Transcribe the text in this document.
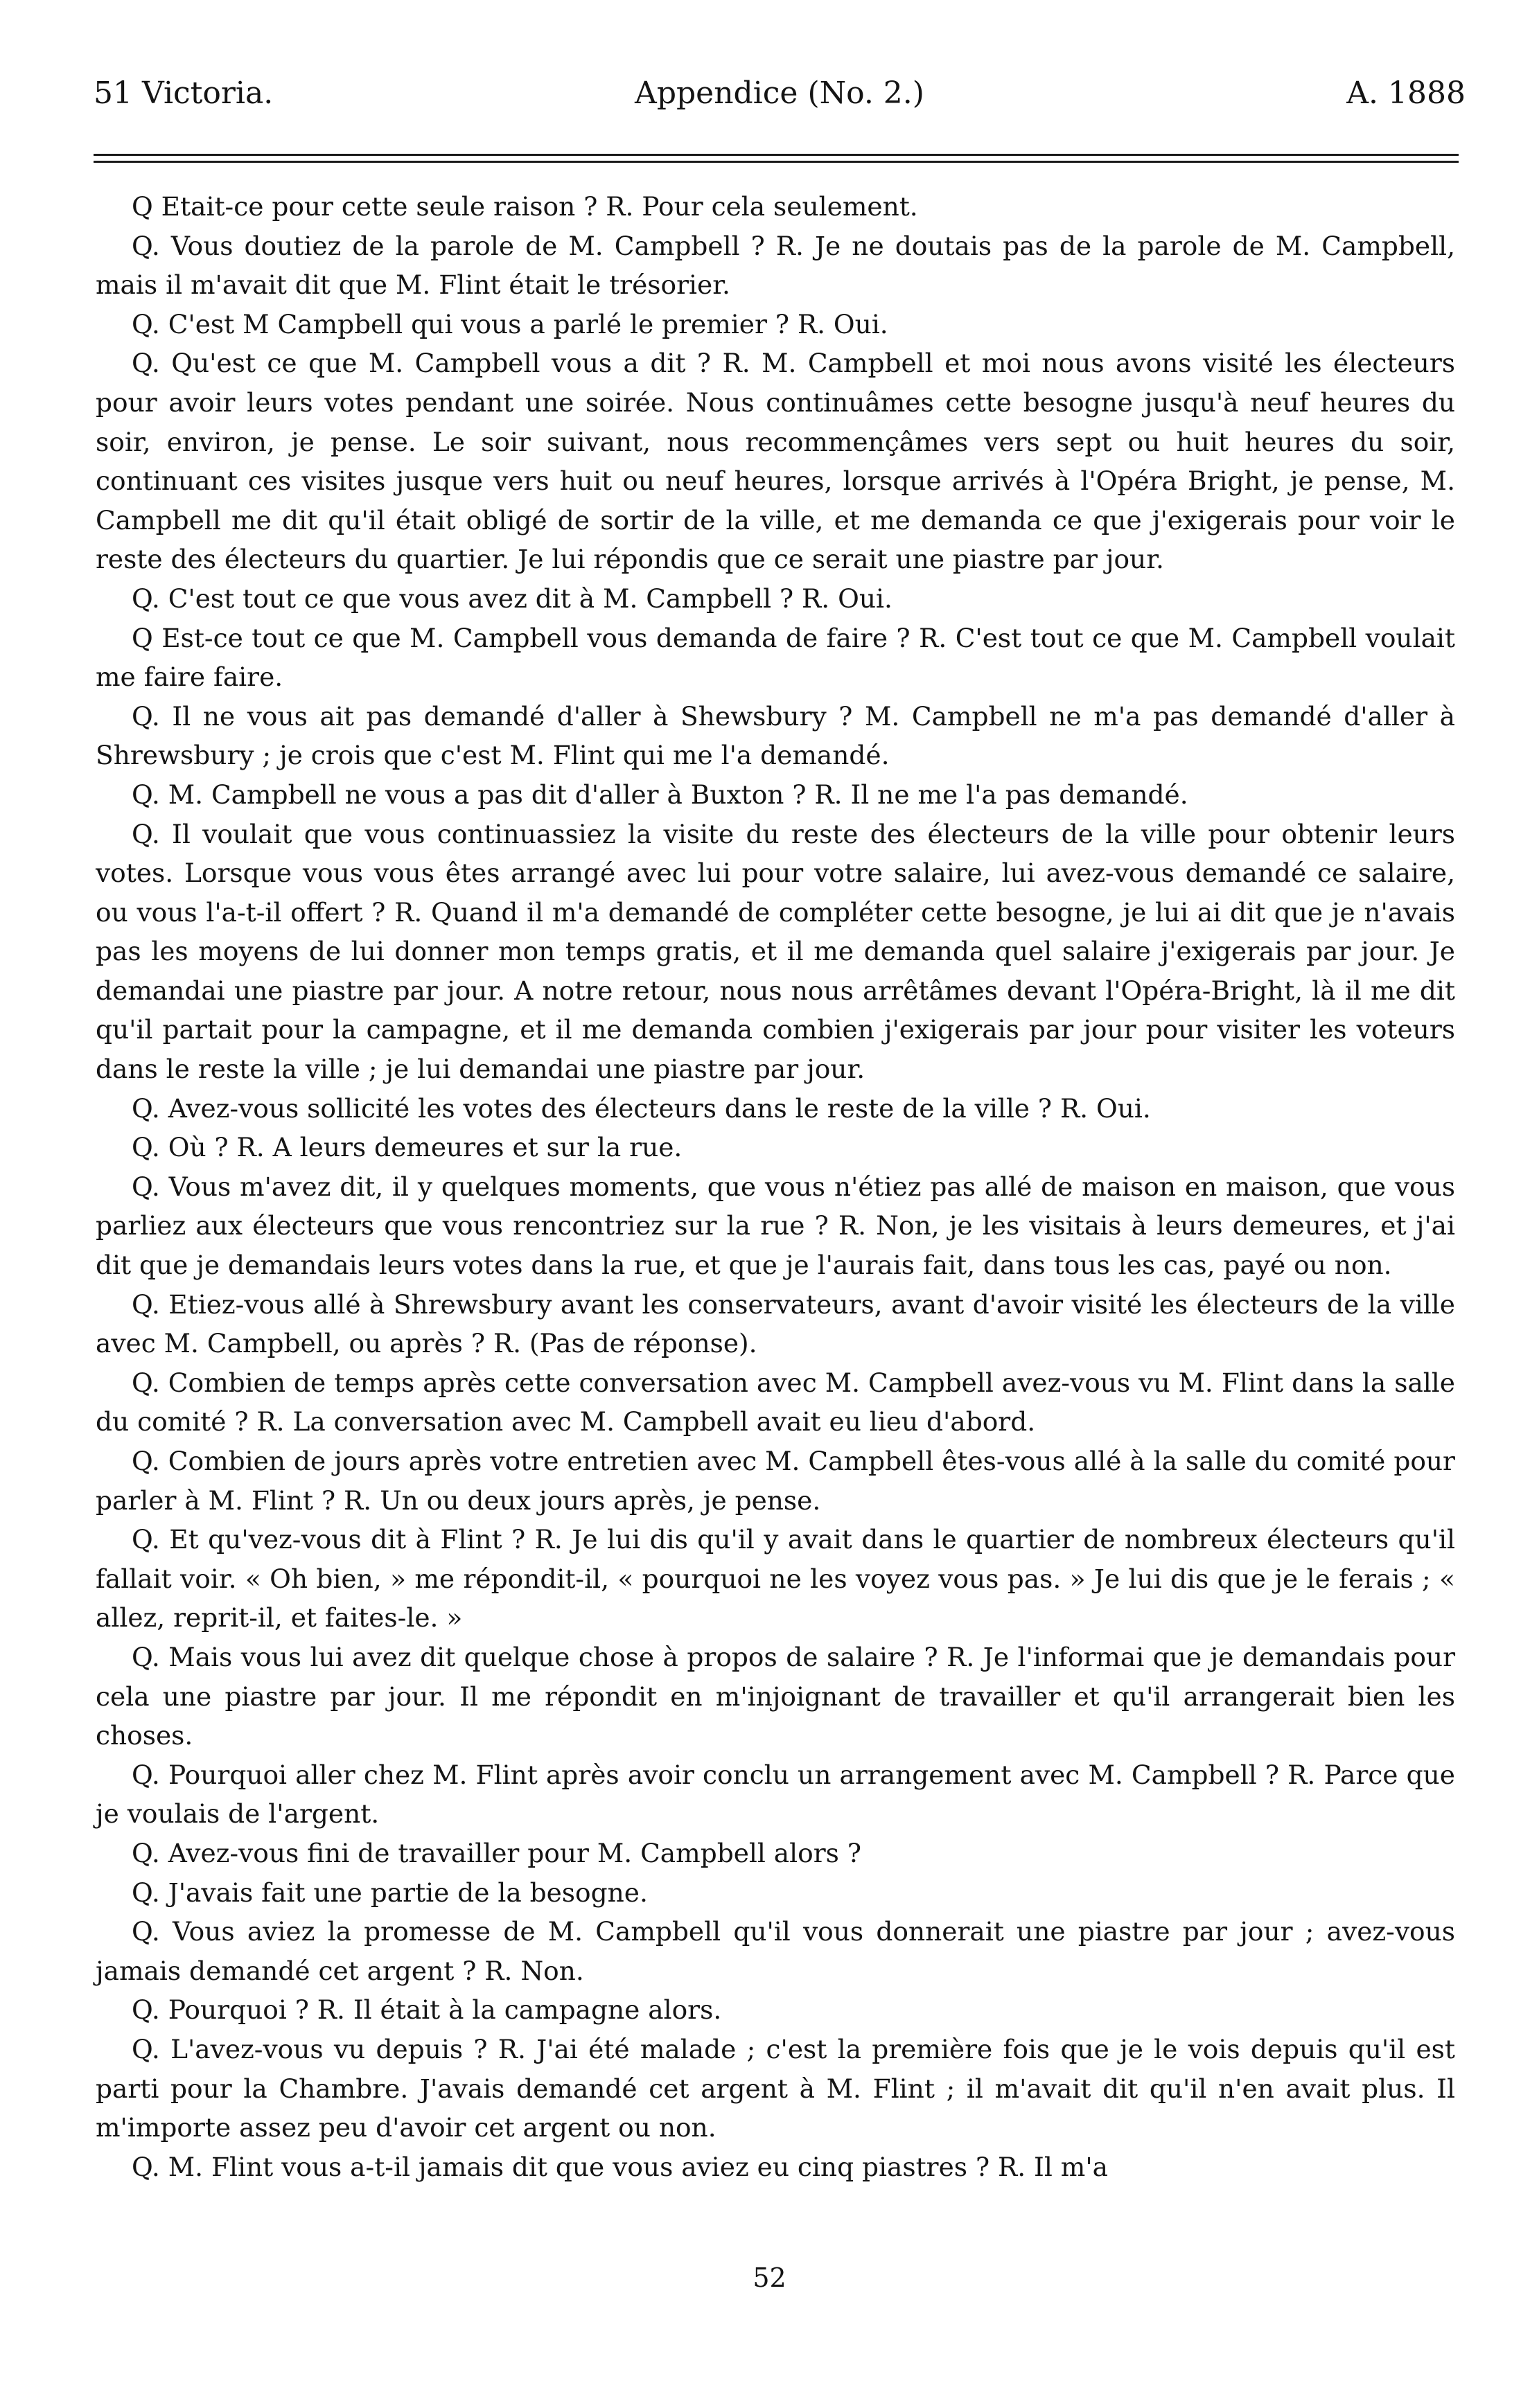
51 Victoria.	Appendice (No. 2.)	A. 1888

Q Etait-ce pour cette seule raison ? R. Pour cela seulement.

Q. Vous doutiez de la parole de M. Campbell ? R. Je ne doutais pas de la parole de M. Campbell, mais il m'avait dit que M. Flint était le trésorier.

Q. C'est M Campbell qui vous a parlé le premier ? R. Oui.

Q. Qu'est ce que M. Campbell vous a dit ? R. M. Campbell et moi nous avons visité les électeurs pour avoir leurs votes pendant une soirée. Nous continuâmes cette besogne jusqu'à neuf heures du soir, environ, je pense. Le soir suivant, nous recommençâmes vers sept ou huit heures du soir, continuant ces visites jusque vers huit ou neuf heures, lorsque arrivés à l'Opéra Bright, je pense, M. Campbell me dit qu'il était obligé de sortir de la ville, et me demanda ce que j'exigerais pour voir le reste des électeurs du quartier. Je lui répondis que ce serait une piastre par jour.

Q. C'est tout ce que vous avez dit à M. Campbell ? R. Oui.

Q Est-ce tout ce que M. Campbell vous demanda de faire ? R. C'est tout ce que M. Campbell voulait me faire faire.

Q. Il ne vous ait pas demandé d'aller à Shewsbury ? M. Campbell ne m'a pas demandé d'aller à Shrewsbury ; je crois que c'est M. Flint qui me l'a demandé.

Q. M. Campbell ne vous a pas dit d'aller à Buxton ? R. Il ne me l'a pas demandé.

Q. Il voulait que vous continuassiez la visite du reste des électeurs de la ville pour obtenir leurs votes. Lorsque vous vous êtes arrangé avec lui pour votre salaire, lui avez-vous demandé ce salaire, ou vous l'a-t-il offert ? R. Quand il m'a demandé de compléter cette besogne, je lui ai dit que je n'avais pas les moyens de lui donner mon temps gratis, et il me demanda quel salaire j'exigerais par jour. Je demandai une piastre par jour. A notre retour, nous nous arrêtâmes devant l'Opéra-Bright, là il me dit qu'il partait pour la campagne, et il me demanda combien j'exigerais par jour pour visiter les voteurs dans le reste la ville ; je lui demandai une piastre par jour.

Q. Avez-vous sollicité les votes des électeurs dans le reste de la ville ? R. Oui.

Q. Où ? R. A leurs demeures et sur la rue.

Q. Vous m'avez dit, il y quelques moments, que vous n'étiez pas allé de maison en maison, que vous parliez aux électeurs que vous rencontriez sur la rue ? R. Non, je les visitais à leurs demeures, et j'ai dit que je demandais leurs votes dans la rue, et que je l'aurais fait, dans tous les cas, payé ou non.

Q. Etiez-vous allé à Shrewsbury avant les conservateurs, avant d'avoir visité les électeurs de la ville avec M. Campbell, ou après ? R. (Pas de réponse).

Q. Combien de temps après cette conversation avec M. Campbell avez-vous vu M. Flint dans la salle du comité ? R. La conversation avec M. Campbell avait eu lieu d'abord.

Q. Combien de jours après votre entretien avec M. Campbell êtes-vous allé à la salle du comité pour parler à M. Flint ? R. Un ou deux jours après, je pense.

Q. Et qu'vez-vous dit à Flint ? R. Je lui dis qu'il y avait dans le quartier de nombreux électeurs qu'il fallait voir. « Oh bien, » me répondit-il, « pourquoi ne les voyez vous pas. » Je lui dis que je le ferais ; « allez, reprit-il, et faites-le. »

Q. Mais vous lui avez dit quelque chose à propos de salaire ? R. Je l'informai que je demandais pour cela une piastre par jour. Il me répondit en m'injoignant de travailler et qu'il arrangerait bien les choses.

Q. Pourquoi aller chez M. Flint après avoir conclu un arrangement avec M. Campbell ? R. Parce que je voulais de l'argent.

Q. Avez-vous fini de travailler pour M. Campbell alors ?

Q. J'avais fait une partie de la besogne.

Q. Vous aviez la promesse de M. Campbell qu'il vous donnerait une piastre par jour ; avez-vous jamais demandé cet argent ? R. Non.

Q. Pourquoi ? R. Il était à la campagne alors.

Q. L'avez-vous vu depuis ? R. J'ai été malade ; c'est la première fois que je le vois depuis qu'il est parti pour la Chambre. J'avais demandé cet argent à M. Flint ; il m'avait dit qu'il n'en avait plus. Il m'importe assez peu d'avoir cet argent ou non.

Q. M. Flint vous a-t-il jamais dit que vous aviez eu cinq piastres ? R. Il m'a

52
